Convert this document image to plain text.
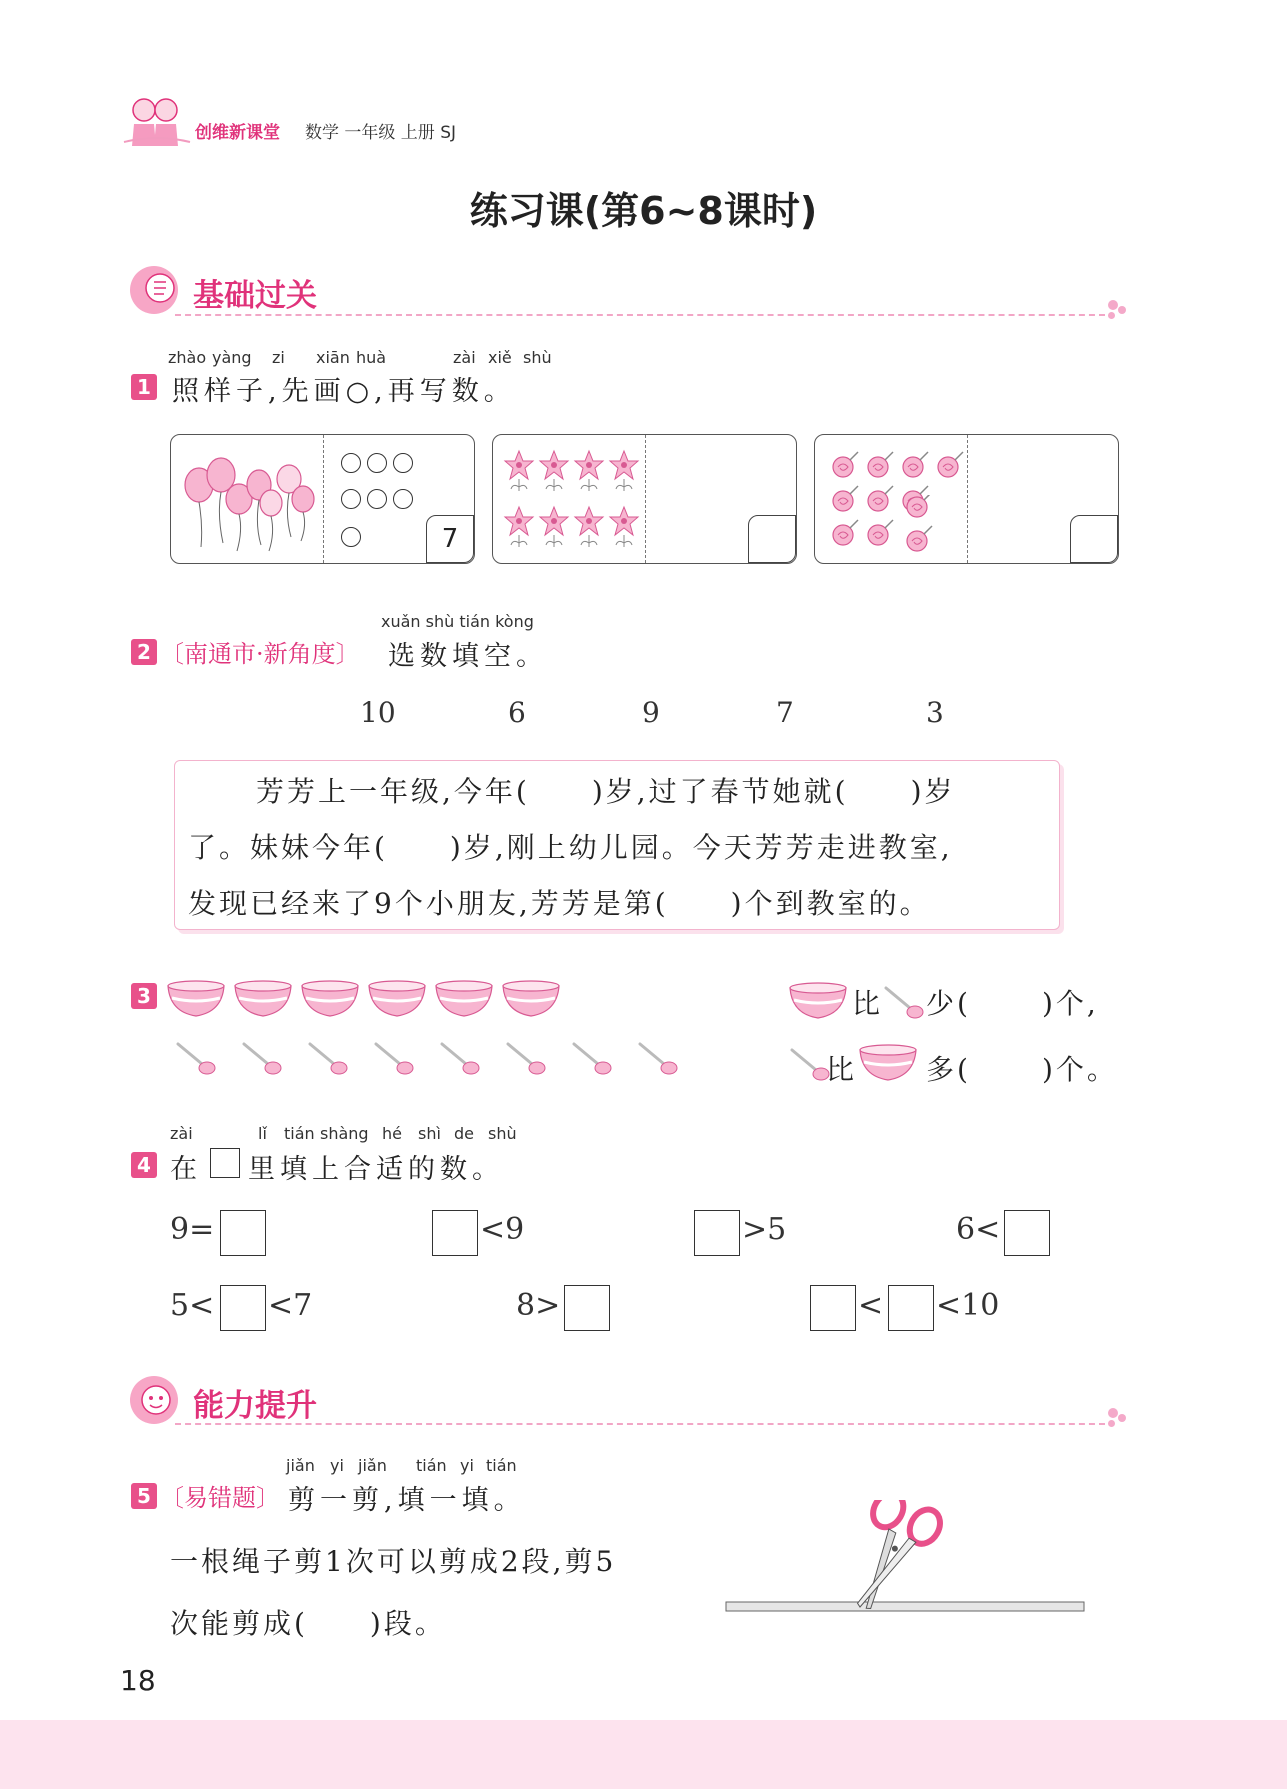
创维新课堂 数学 一年级 上册 SJ
练习课(第6~8课时)
基础过关
zhào yàng zi xiān huà	zài xiě shù
1 照样子,先画○,再写数。
7
xuǎn shù tián kòng
2 〔南通市·新角度〕 选数填空。
10	6	9	7	3
芳芳上一年级,今年(　　)岁,过了春节她就(　　)岁
了。妹妹今年(　　)岁,刚上幼儿园。今天芳芳走进教室,
发现已经来了9个小朋友,芳芳是第(　　)个到教室的。
3	比 少(	)个,
比 多(	)个。
zài	lǐ tián shàng hé shì de shù
4 在 里填上合适的数。
9=	<9	>5	6<
5< <7	8>	< <10
能力提升
jiǎn yi jiǎn tián yi tián
5 〔易错题〕 剪一剪,填一填。
一根绳子剪1次可以剪成2段,剪5
次能剪成(　　)段。
18
